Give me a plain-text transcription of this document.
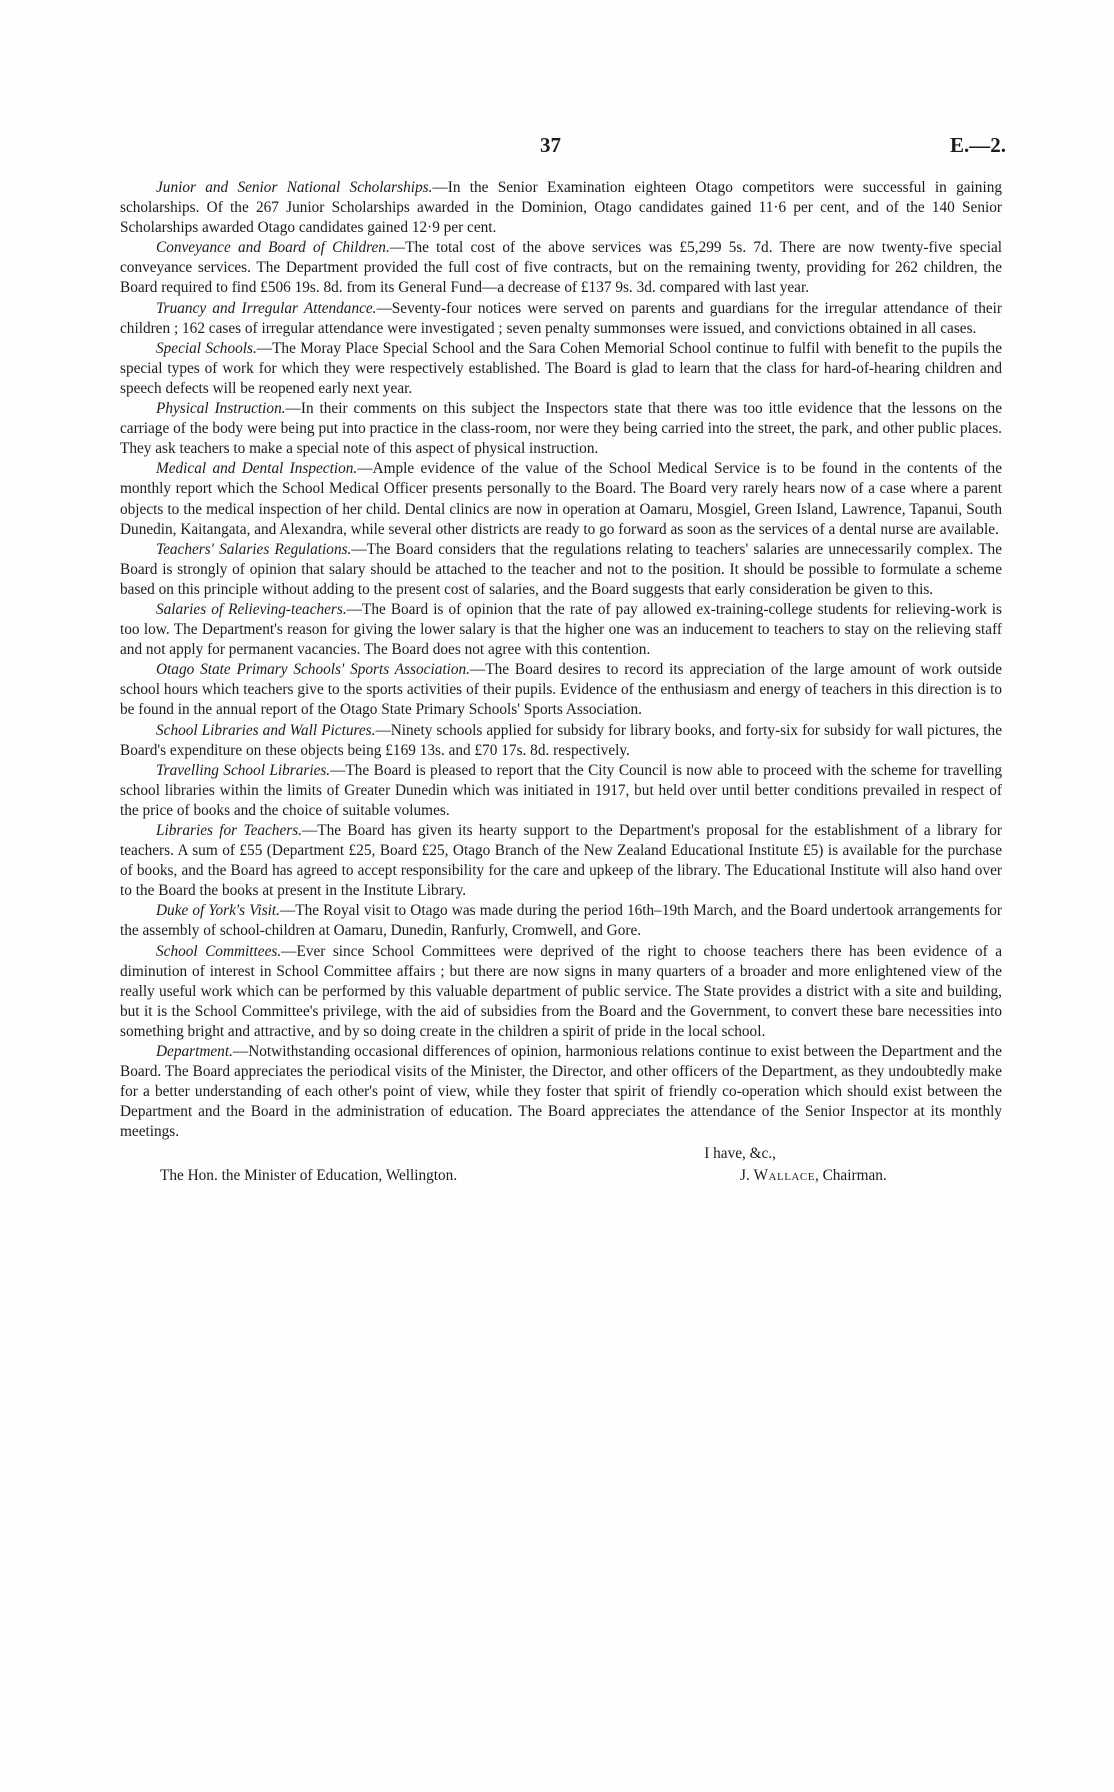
37	E.—2.

Junior and Senior National Scholarships.—In the Senior Examination eighteen Otago competitors were successful in gaining scholarships. Of the 267 Junior Scholarships awarded in the Dominion, Otago candidates gained 11·6 per cent, and of the 140 Senior Scholarships awarded Otago candidates gained 12·9 per cent.

Conveyance and Board of Children.—The total cost of the above services was £5,299 5s. 7d. There are now twenty-five special conveyance services. The Department provided the full cost of five contracts, but on the remaining twenty, providing for 262 children, the Board required to find £506 19s. 8d. from its General Fund—a decrease of £137 9s. 3d. compared with last year.

Truancy and Irregular Attendance.—Seventy-four notices were served on parents and guardians for the irregular attendance of their children ; 162 cases of irregular attendance were investigated ; seven penalty summonses were issued, and convictions obtained in all cases.

Special Schools.—The Moray Place Special School and the Sara Cohen Memorial School continue to fulfil with benefit to the pupils the special types of work for which they were respectively established. The Board is glad to learn that the class for hard-of-hearing children and speech defects will be reopened early next year.

Physical Instruction.—In their comments on this subject the Inspectors state that there was too ittle evidence that the lessons on the carriage of the body were being put into practice in the class-room, nor were they being carried into the street, the park, and other public places. They ask teachers to make a special note of this aspect of physical instruction.

Medical and Dental Inspection.—Ample evidence of the value of the School Medical Service is to be found in the contents of the monthly report which the School Medical Officer presents personally to the Board. The Board very rarely hears now of a case where a parent objects to the medical inspection of her child. Dental clinics are now in operation at Oamaru, Mosgiel, Green Island, Lawrence, Tapanui, South Dunedin, Kaitangata, and Alexandra, while several other districts are ready to go forward as soon as the services of a dental nurse are available.

Teachers' Salaries Regulations.—The Board considers that the regulations relating to teachers' salaries are unnecessarily complex. The Board is strongly of opinion that salary should be attached to the teacher and not to the position. It should be possible to formulate a scheme based on this principle without adding to the present cost of salaries, and the Board suggests that early consideration be given to this.

Salaries of Relieving-teachers.—The Board is of opinion that the rate of pay allowed ex-training-college students for relieving-work is too low. The Department's reason for giving the lower salary is that the higher one was an inducement to teachers to stay on the relieving staff and not apply for permanent vacancies. The Board does not agree with this contention.

Otago State Primary Schools' Sports Association.—The Board desires to record its appreciation of the large amount of work outside school hours which teachers give to the sports activities of their pupils. Evidence of the enthusiasm and energy of teachers in this direction is to be found in the annual report of the Otago State Primary Schools' Sports Association.

School Libraries and Wall Pictures.—Ninety schools applied for subsidy for library books, and forty-six for subsidy for wall pictures, the Board's expenditure on these objects being £169 13s. and £70 17s. 8d. respectively.

Travelling School Libraries.—The Board is pleased to report that the City Council is now able to proceed with the scheme for travelling school libraries within the limits of Greater Dunedin which was initiated in 1917, but held over until better conditions prevailed in respect of the price of books and the choice of suitable volumes.

Libraries for Teachers.—The Board has given its hearty support to the Department's proposal for the establishment of a library for teachers. A sum of £55 (Department £25, Board £25, Otago Branch of the New Zealand Educational Institute £5) is available for the purchase of books, and the Board has agreed to accept responsibility for the care and upkeep of the library. The Educational Institute will also hand over to the Board the books at present in the Institute Library.

Duke of York's Visit.—The Royal visit to Otago was made during the period 16th–19th March, and the Board undertook arrangements for the assembly of school-children at Oamaru, Dunedin, Ranfurly, Cromwell, and Gore.

School Committees.—Ever since School Committees were deprived of the right to choose teachers there has been evidence of a diminution of interest in School Committee affairs ; but there are now signs in many quarters of a broader and more enlightened view of the really useful work which can be performed by this valuable department of public service. The State provides a district with a site and building, but it is the School Committee's privilege, with the aid of subsidies from the Board and the Government, to convert these bare necessities into something bright and attractive, and by so doing create in the children a spirit of pride in the local school.

Department.—Notwithstanding occasional differences of opinion, harmonious relations continue to exist between the Department and the Board. The Board appreciates the periodical visits of the Minister, the Director, and other officers of the Department, as they undoubtedly make for a better understanding of each other's point of view, while they foster that spirit of friendly co-operation which should exist between the Department and the Board in the administration of education. The Board appreciates the attendance of the Senior Inspector at its monthly meetings.

I have, &c.,
The Hon. the Minister of Education, Wellington.	J. Wallace, Chairman.
